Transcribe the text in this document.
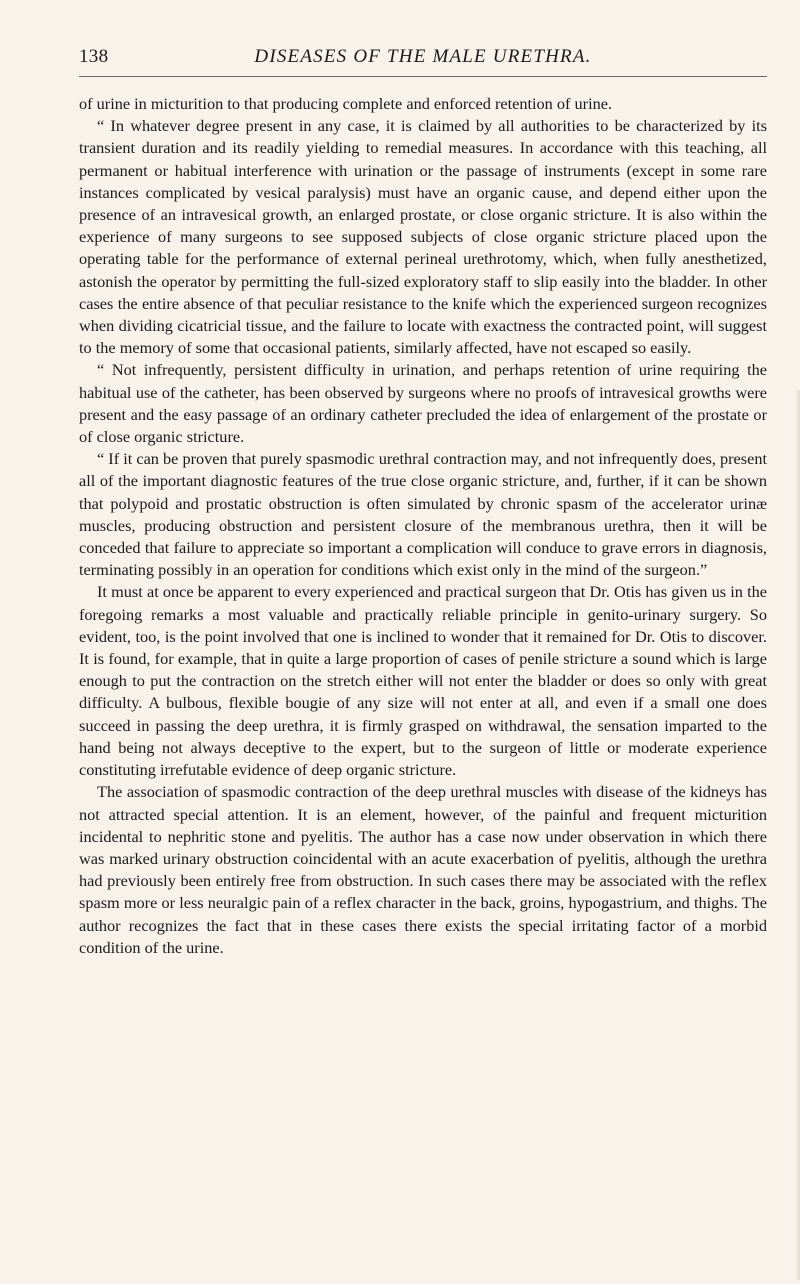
138	DISEASES OF THE MALE URETHRA.

of urine in micturition to that producing complete and enforced retention of urine.

“ In whatever degree present in any case, it is claimed by all authorities to be characterized by its transient duration and its readily yielding to remedial measures. In accordance with this teaching, all permanent or habitual interference with urination or the passage of instruments (except in some rare instances complicated by vesical paralysis) must have an organic cause, and depend either upon the presence of an intravesical growth, an enlarged prostate, or close organic stricture. It is also within the experience of many surgeons to see supposed subjects of close organic stricture placed upon the operating table for the performance of external perineal urethrotomy, which, when fully anesthetized, astonish the operator by permitting the full-sized exploratory staff to slip easily into the bladder. In other cases the entire absence of that peculiar resistance to the knife which the experienced surgeon recognizes when dividing cicatricial tissue, and the failure to locate with exactness the contracted point, will suggest to the memory of some that occasional patients, similarly affected, have not escaped so easily.

“ Not infrequently, persistent difficulty in urination, and perhaps retention of urine requiring the habitual use of the catheter, has been observed by surgeons where no proofs of intravesical growths were present and the easy passage of an ordinary catheter precluded the idea of enlargement of the prostate or of close organic stricture.

“ If it can be proven that purely spasmodic urethral contraction may, and not infrequently does, present all of the important diagnostic features of the true close organic stricture, and, further, if it can be shown that polypoid and prostatic obstruction is often simulated by chronic spasm of the accelerator urinæ muscles, producing obstruction and persistent closure of the membranous urethra, then it will be conceded that failure to appreciate so important a complication will conduce to grave errors in diagnosis, terminating possibly in an operation for conditions which exist only in the mind of the surgeon.”

It must at once be apparent to every experienced and practical surgeon that Dr. Otis has given us in the foregoing remarks a most valuable and practically reliable principle in genito-urinary surgery. So evident, too, is the point involved that one is inclined to wonder that it remained for Dr. Otis to discover. It is found, for example, that in quite a large proportion of cases of penile stricture a sound which is large enough to put the contraction on the stretch either will not enter the bladder or does so only with great difficulty. A bulbous, flexible bougie of any size will not enter at all, and even if a small one does succeed in passing the deep urethra, it is firmly grasped on withdrawal, the sensation imparted to the hand being not always deceptive to the expert, but to the surgeon of little or moderate experience constituting irrefutable evidence of deep organic stricture.

The association of spasmodic contraction of the deep urethral muscles with disease of the kidneys has not attracted special attention. It is an element, however, of the painful and frequent micturition incidental to nephritic stone and pyelitis. The author has a case now under observation in which there was marked urinary obstruction coincidental with an acute exacerbation of pyelitis, although the urethra had previously been entirely free from obstruction. In such cases there may be associated with the reflex spasm more or less neuralgic pain of a reflex character in the back, groins, hypogastrium, and thighs. The author recognizes the fact that in these cases there exists the special irritating factor of a morbid condition of the urine.
